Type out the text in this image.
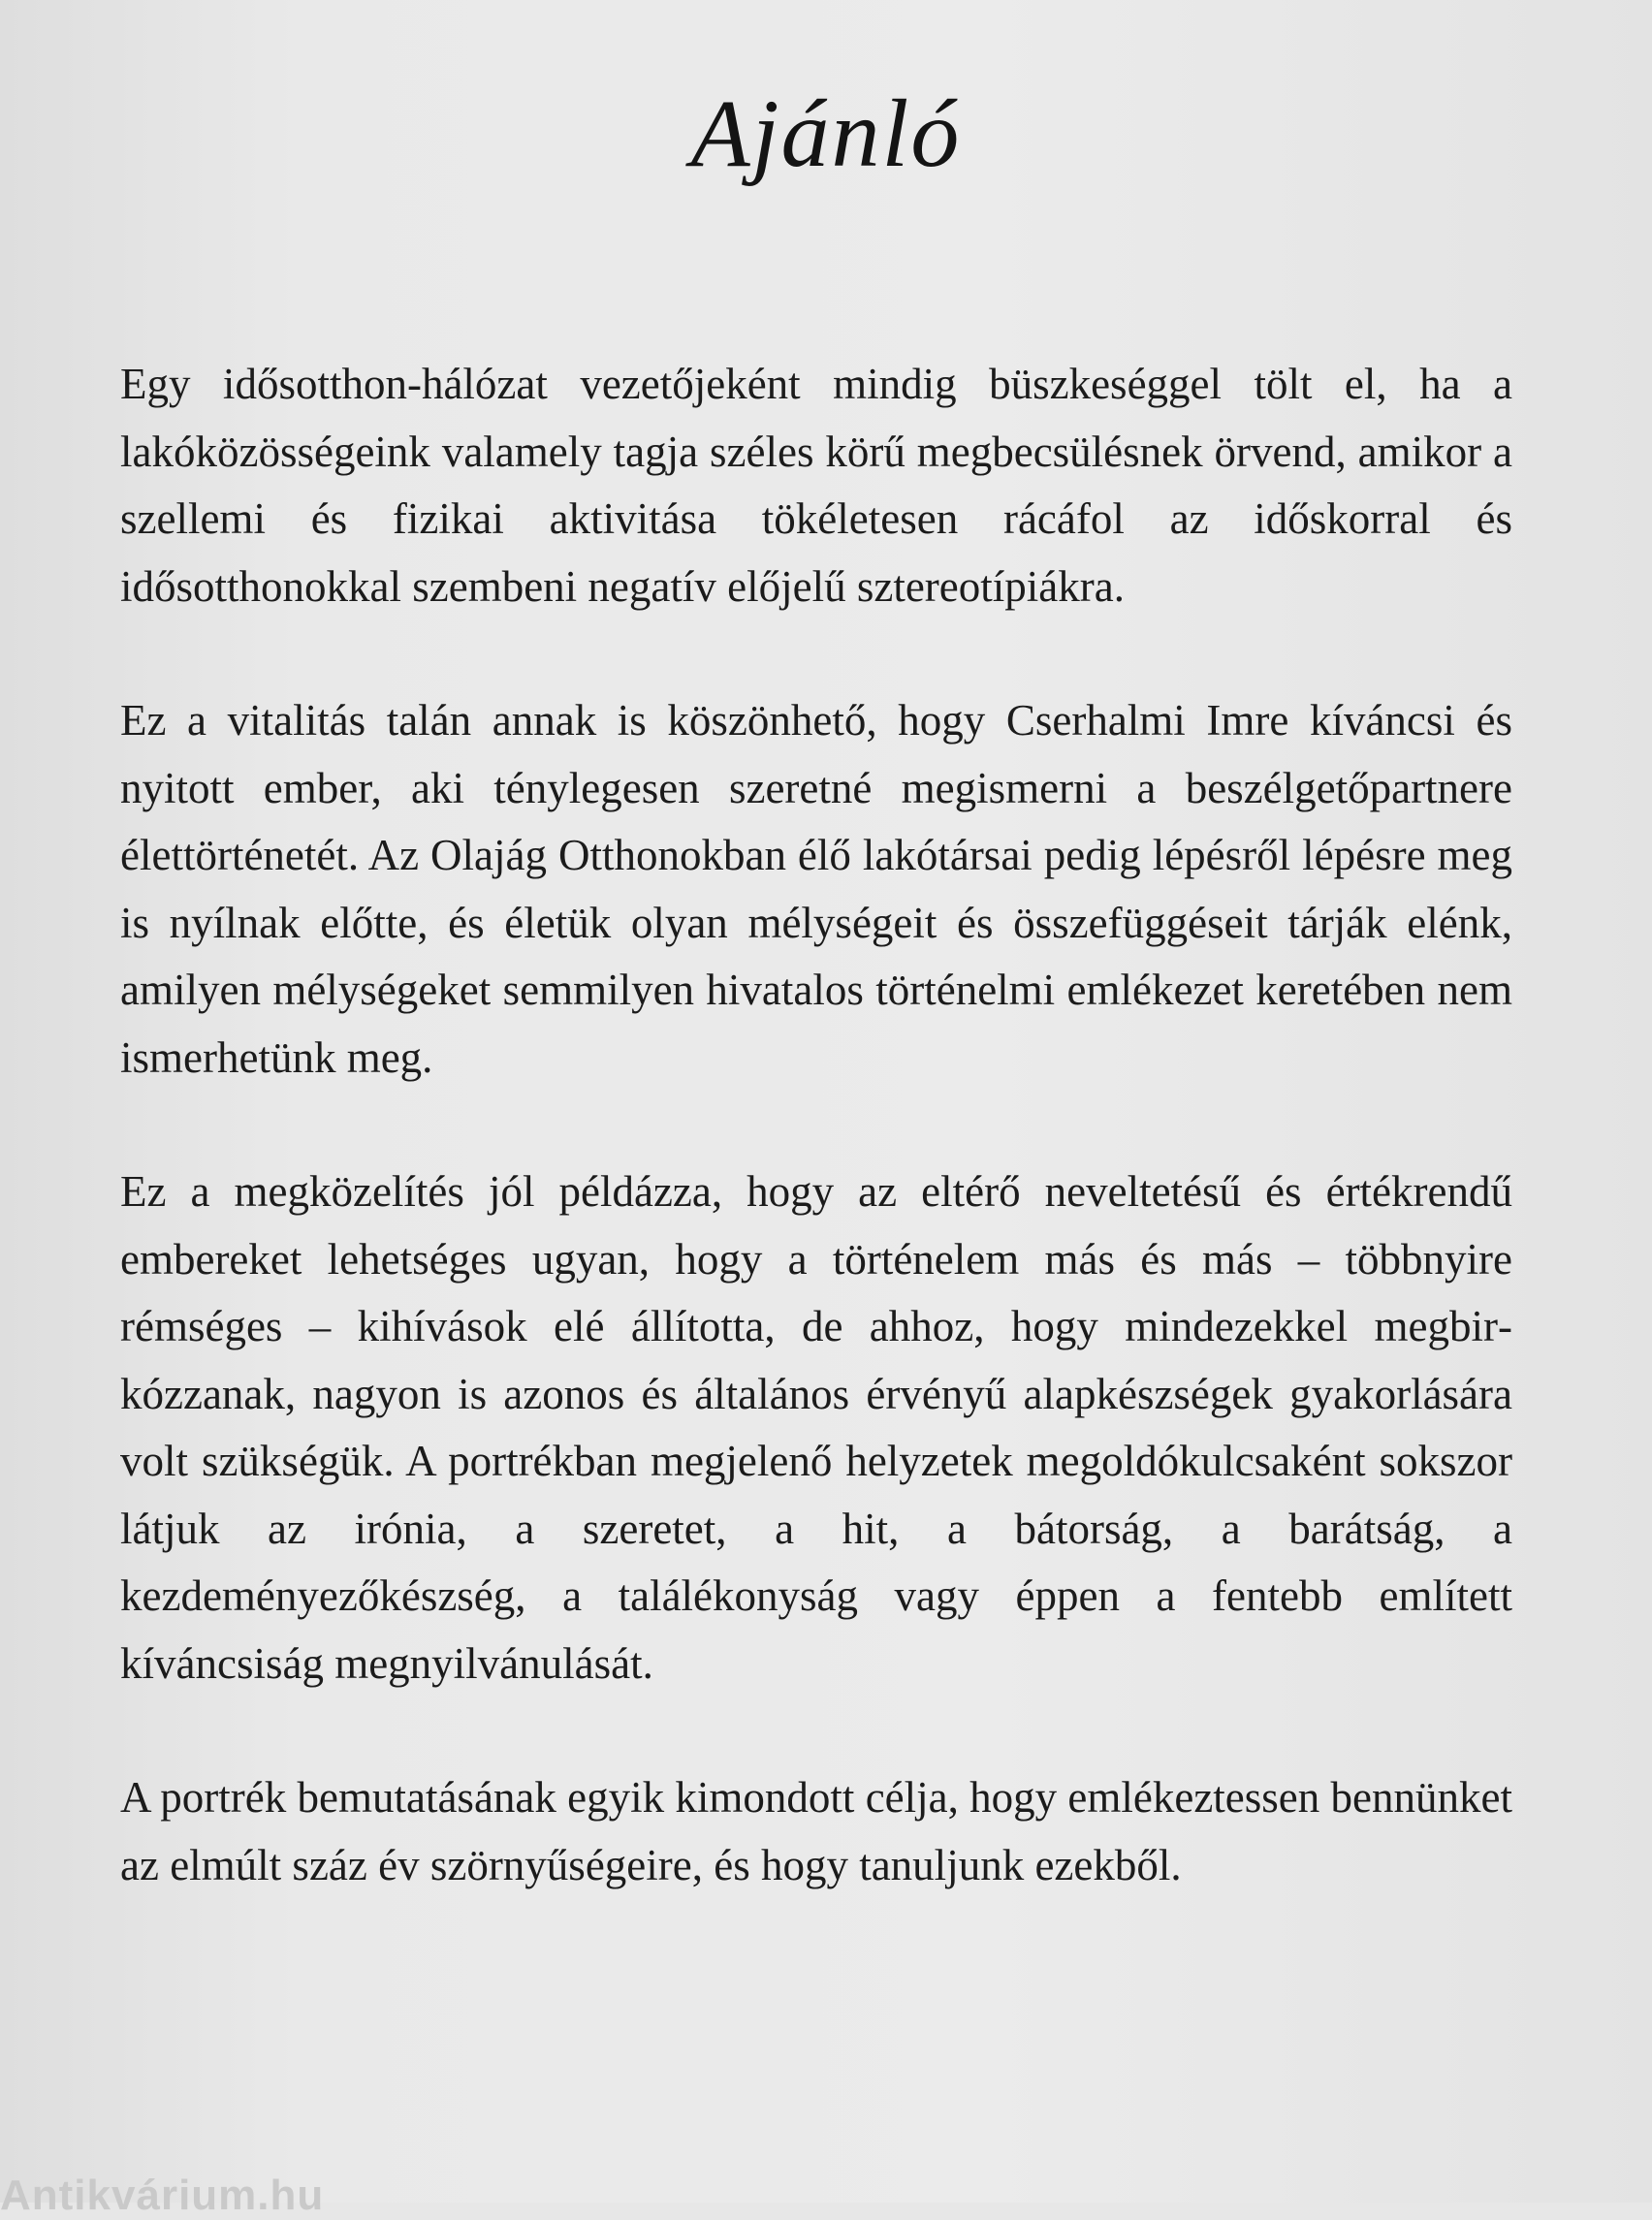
Ajánló

Egy idősotthon-hálózat vezetőjeként mindig büszkeséggel tölt el, ha a lakóközösségeink valamely tagja széles körű megbecsülésnek örvend, amikor a szellemi és fizikai aktivitása tökéletesen rácáfol az időskorral és idősotthonokkal szembeni negatív előjelű sztereotípiákra.

Ez a vitalitás talán annak is köszönhető, hogy Cserhalmi Imre kíváncsi és nyitott ember, aki ténylegesen szeretné megismerni a beszélgetőpartnere élettörténetét. Az Olajág Otthonokban élő lakótársai pedig lépésről lépésre meg is nyílnak előtte, és életük olyan mélységeit és összefüggéseit tárják elénk, amilyen mélységeket semmilyen hivatalos történelmi emlékezet keretében nem ismerhetünk meg.

Ez a megközelítés jól példázza, hogy az eltérő neveltetésű és értékrendű embereket lehetséges ugyan, hogy a történelem más és más – többnyire rémséges – kihívások elé állította, de ahhoz, hogy mindezekkel megbirkózzanak, nagyon is azonos és általános érvényű alapkészségek gyakorlására volt szükségük. A portrékban megjelenő helyzetek megoldókulcsaként sokszor látjuk az irónia, a szeretet, a hit, a bátorság, a barátság, a kezdeményezőkészség, a találékonyság vagy éppen a fentebb említett kíváncsiság megnyilvánulását.

A portrék bemutatásának egyik kimondott célja, hogy emlékeztessen bennünket az elmúlt száz év szörnyűségeire, és hogy tanuljunk ezekből.

Antikvárium.hu
